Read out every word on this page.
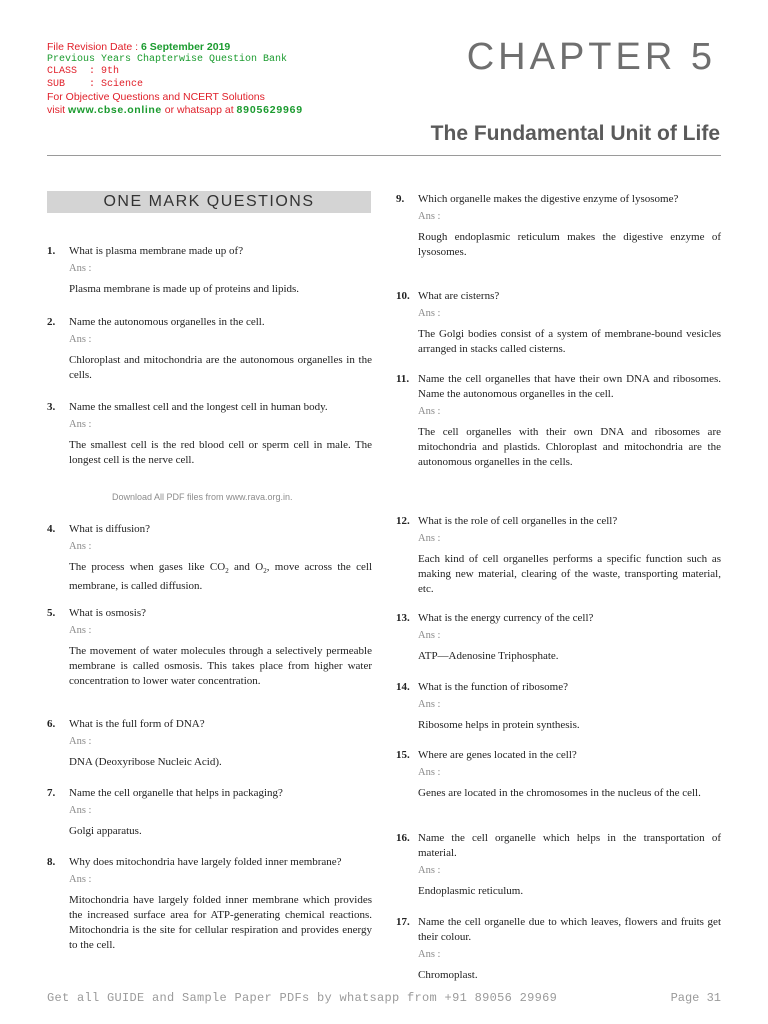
File Revision Date : 6 September 2019
Previous Years Chapterwise Question Bank
CLASS : 9th
SUB : Science
For Objective Questions and NCERT Solutions
visit www.cbse.online or whatsapp at 8905629969
CHAPTER 5
The Fundamental Unit of Life
ONE MARK QUESTIONS
1. What is plasma membrane made up of?
Ans :
Plasma membrane is made up of proteins and lipids.
2. Name the autonomous organelles in the cell.
Ans :
Chloroplast and mitochondria are the autonomous organelles in the cells.
3. Name the smallest cell and the longest cell in human body.
Ans :
The smallest cell is the red blood cell or sperm cell in male. The longest cell is the nerve cell.
4. What is diffusion?
Ans :
The process when gases like $CO_2$ and $O_2$, move across the cell membrane, is called diffusion.
5. What is osmosis?
Ans :
The movement of water molecules through a selectively permeable membrane is called osmosis. This takes place from higher water concentration to lower water concentration.
6. What is the full form of DNA?
Ans :
DNA (Deoxyribose Nucleic Acid).
7. Name the cell organelle that helps in packaging?
Ans :
Golgi apparatus.
8. Why does mitochondria have largely folded inner membrane?
Ans :
Mitochondria have largely folded inner membrane which provides the increased surface area for ATP-generating chemical reactions. Mitochondria is the site for cellular respiration and provides energy to the cell.
Download All PDF files from www.rava.org.in.
9. Which organelle makes the digestive enzyme of lysosome?
Ans :
Rough endoplasmic reticulum makes the digestive enzyme of lysosomes.
10. What are cisterns?
Ans :
The Golgi bodies consist of a system of membrane-bound vesicles arranged in stacks called cisterns.
11. Name the cell organelles that have their own DNA and ribosomes. Name the autonomous organelles in the cell.
Ans :
The cell organelles with their own DNA and ribosomes are mitochondria and plastids. Chloroplast and mitochondria are the autonomous organelles in the cells.
12. What is the role of cell organelles in the cell?
Ans :
Each kind of cell organelles performs a specific function such as making new material, clearing of the waste, transporting material, etc.
13. What is the energy currency of the cell?
Ans :
ATP—Adenosine Triphosphate.
14. What is the function of ribosome?
Ans :
Ribosome helps in protein synthesis.
15. Where are genes located in the cell?
Ans :
Genes are located in the chromosomes in the nucleus of the cell.
16. Name the cell organelle which helps in the transportation of material.
Ans :
Endoplasmic reticulum.
17. Name the cell organelle due to which leaves, flowers and fruits get their colour.
Ans :
Chromoplast.
Get all GUIDE and Sample Paper PDFs by whatsapp from +91 89056 29969	Page 31
